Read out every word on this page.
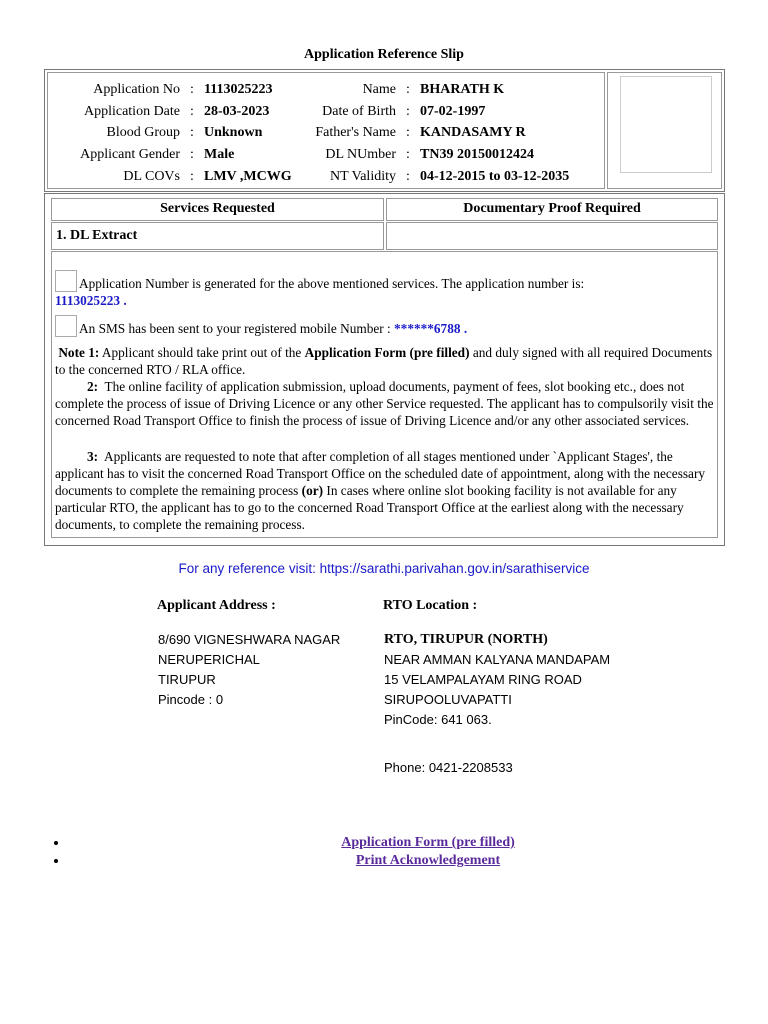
Application Reference Slip
Application No : 1113025223	Name : BHARATH K
Application Date : 28-03-2023	Date of Birth : 07-02-1997
Blood Group : Unknown	Father's Name : KANDASAMY R
Applicant Gender : Male	DL NUmber : TN39 20150012424
DL COVs : LMV ,MCWG	NT Validity : 04-12-2015 to 03-12-2035
Services Requested	Documentary Proof Required
1. DL Extract
Application Number is generated for the above mentioned services. The application number is:
1113025223 .
An SMS has been sent to your registered mobile Number : ******6788 .
Note 1: Applicant should take print out of the Application Form (pre filled) and duly signed with all required Documents to the concerned RTO / RLA office.
2: The online facility of application submission, upload documents, payment of fees, slot booking etc., does not complete the process of issue of Driving Licence or any other Service requested. The applicant has to compulsorily visit the concerned Road Transport Office to finish the process of issue of Driving Licence and/or any other associated services.
3: Applicants are requested to note that after completion of all stages mentioned under `Applicant Stages', the applicant has to visit the concerned Road Transport Office on the scheduled date of appointment, along with the necessary documents to complete the remaining process (or) In cases where online slot booking facility is not available for any particular RTO, the applicant has to go to the concerned Road Transport Office at the earliest along with the necessary documents, to complete the remaining process.
For any reference visit: https://sarathi.parivahan.gov.in/sarathiservice
Applicant Address :	RTO Location :
8/690 VIGNESHWARA NAGAR
NERUPERICHAL
TIRUPUR
Pincode : 0
RTO, TIRUPUR (NORTH)
NEAR AMMAN KALYANA MANDAPAM
15 VELAMPALAYAM RING ROAD
SIRUPOOLUVAPATTI
PinCode: 641 063.
Phone: 0421-2208533
• Application Form (pre filled)
• Print Acknowledgement
